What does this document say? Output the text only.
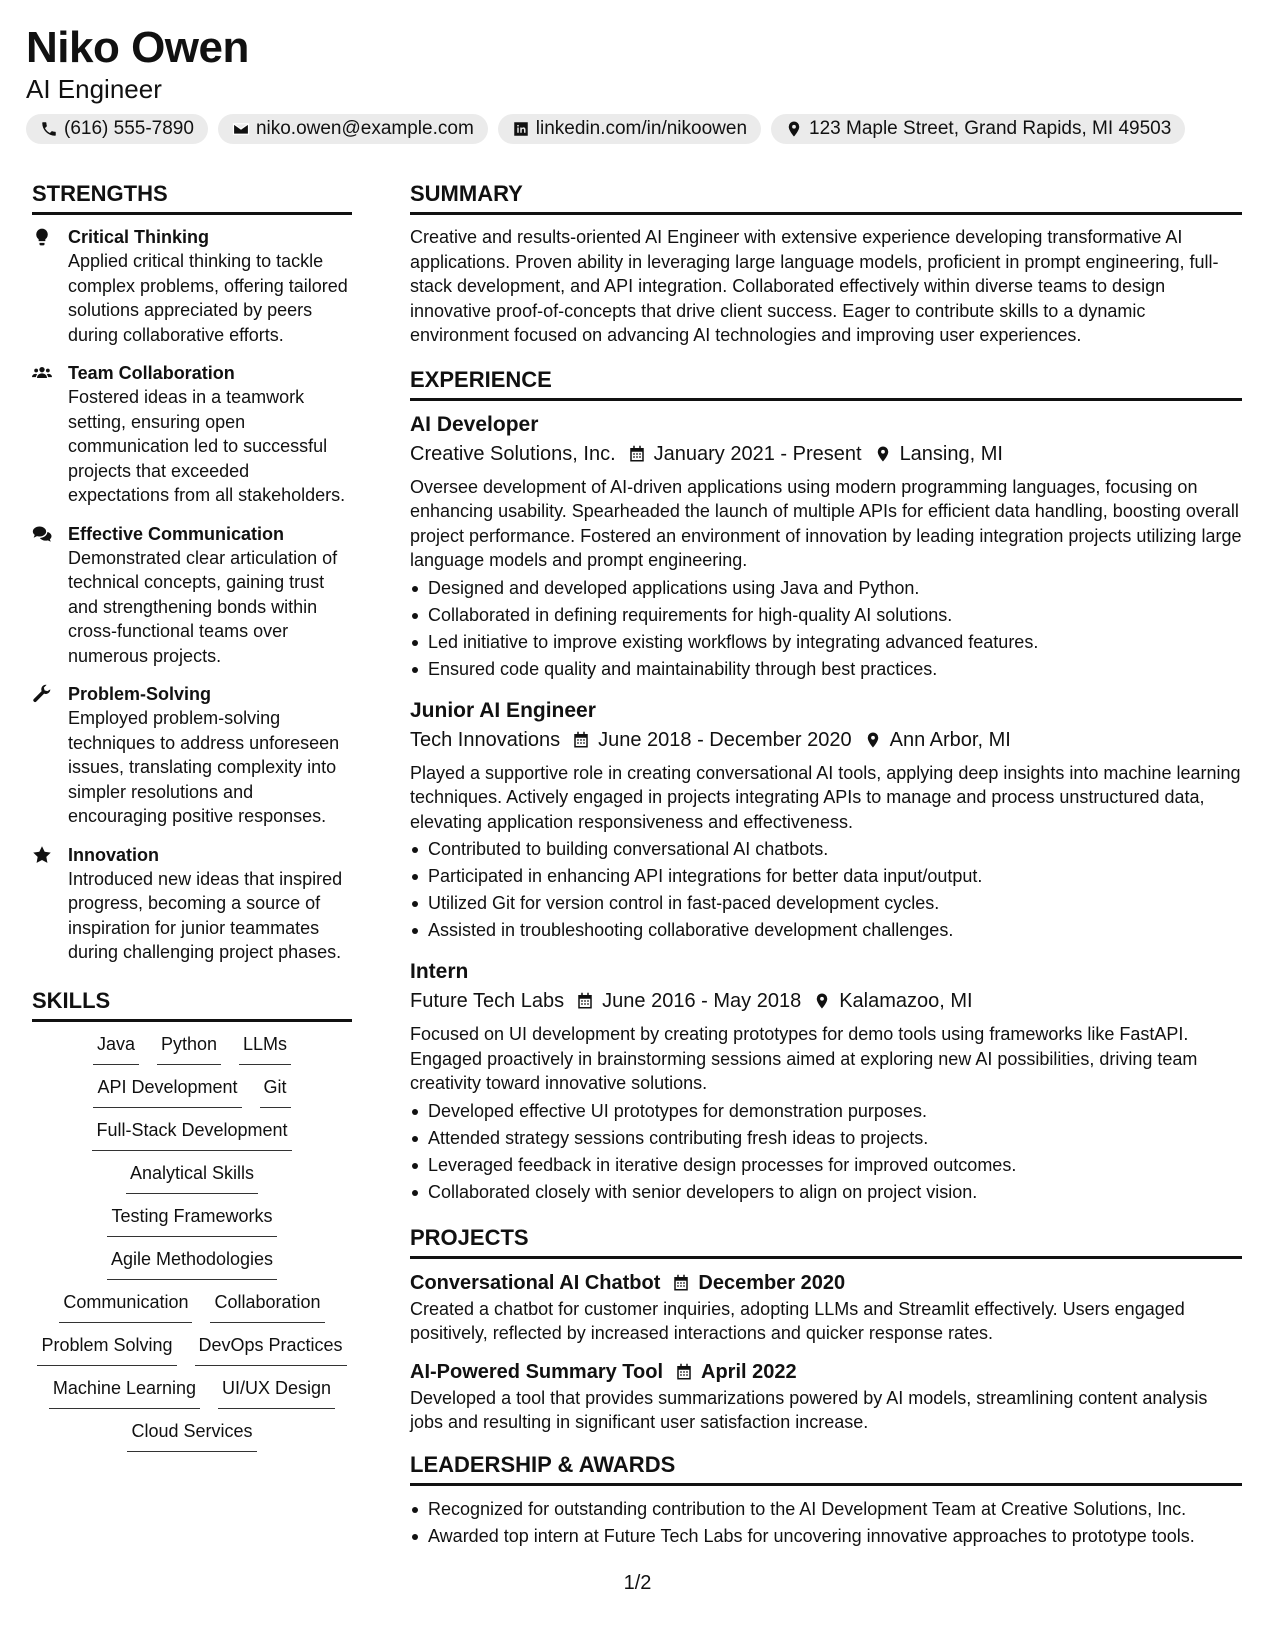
Niko Owen
AI Engineer
(616) 555-7890	niko.owen@example.com	linkedin.com/in/nikoowen	123 Maple Street, Grand Rapids, MI 49503
STRENGTHS
Critical Thinking
Applied critical thinking to tackle complex problems, offering tailored solutions appreciated by peers during collaborative efforts.
Team Collaboration
Fostered ideas in a teamwork setting, ensuring open communication led to successful projects that exceeded expectations from all stakeholders.
Effective Communication
Demonstrated clear articulation of technical concepts, gaining trust and strengthening bonds within cross-functional teams over numerous projects.
Problem-Solving
Employed problem-solving techniques to address unforeseen issues, translating complexity into simpler resolutions and encouraging positive responses.
Innovation
Introduced new ideas that inspired progress, becoming a source of inspiration for junior teammates during challenging project phases.
SKILLS
Java Python LLMs
API Development Git
Full-Stack Development
Analytical Skills
Testing Frameworks
Agile Methodologies
Communication Collaboration
Problem Solving DevOps Practices
Machine Learning UI/UX Design
Cloud Services
SUMMARY
Creative and results-oriented AI Engineer with extensive experience developing transformative AI applications. Proven ability in leveraging large language models, proficient in prompt engineering, full-stack development, and API integration. Collaborated effectively within diverse teams to design innovative proof-of-concepts that drive client success. Eager to contribute skills to a dynamic environment focused on advancing AI technologies and improving user experiences.
EXPERIENCE
AI Developer
Creative Solutions, Inc. January 2021 - Present Lansing, MI
Oversee development of AI-driven applications using modern programming languages, focusing on enhancing usability. Spearheaded the launch of multiple APIs for efficient data handling, boosting overall project performance. Fostered an environment of innovation by leading integration projects utilizing large language models and prompt engineering.
Designed and developed applications using Java and Python.
Collaborated in defining requirements for high-quality AI solutions.
Led initiative to improve existing workflows by integrating advanced features.
Ensured code quality and maintainability through best practices.
Junior AI Engineer
Tech Innovations June 2018 - December 2020 Ann Arbor, MI
Played a supportive role in creating conversational AI tools, applying deep insights into machine learning techniques. Actively engaged in projects integrating APIs to manage and process unstructured data, elevating application responsiveness and effectiveness.
Contributed to building conversational AI chatbots.
Participated in enhancing API integrations for better data input/output.
Utilized Git for version control in fast-paced development cycles.
Assisted in troubleshooting collaborative development challenges.
Intern
Future Tech Labs June 2016 - May 2018 Kalamazoo, MI
Focused on UI development by creating prototypes for demo tools using frameworks like FastAPI. Engaged proactively in brainstorming sessions aimed at exploring new AI possibilities, driving team creativity toward innovative solutions.
Developed effective UI prototypes for demonstration purposes.
Attended strategy sessions contributing fresh ideas to projects.
Leveraged feedback in iterative design processes for improved outcomes.
Collaborated closely with senior developers to align on project vision.
PROJECTS
Conversational AI Chatbot December 2020
Created a chatbot for customer inquiries, adopting LLMs and Streamlit effectively. Users engaged positively, reflected by increased interactions and quicker response rates.
AI-Powered Summary Tool April 2022
Developed a tool that provides summarizations powered by AI models, streamlining content analysis jobs and resulting in significant user satisfaction increase.
LEADERSHIP & AWARDS
Recognized for outstanding contribution to the AI Development Team at Creative Solutions, Inc.
Awarded top intern at Future Tech Labs for uncovering innovative approaches to prototype tools.
1/2
